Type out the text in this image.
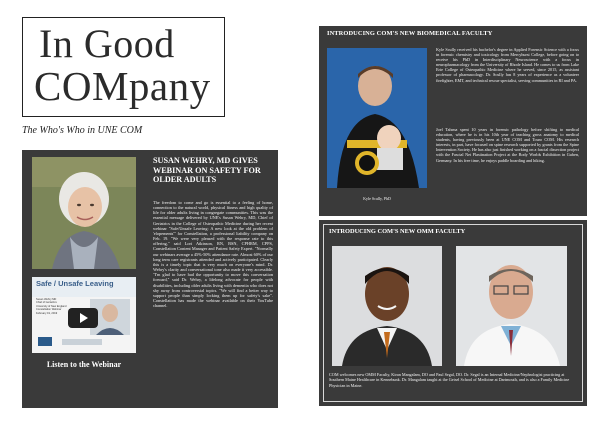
In Good
COMpany
The Who's Who in UNE COM
Safe / Unsafe Leaving
Susan Wehry MD
Chief of Geriatrics
University of New England
Constellation Webinar
February 19, 2019
Listen to the Webinar
SUSAN WEHRY, MD GIVES WEBINAR ON SAFETY FOR OLDER ADULTS
The freedom to come and go is essential to a feeling of home, connection to the natural world, physical fitness and high quality of life for older adults living in congregate communities. This was the essential message delivered by UNE's Susan Wehry, MD, Chief of Geriatrics in the College of Osteopathic Medicine during her recent webinar "Safe/Unsafe Leaving: A new look at the old problem of 'elopements'" for Constellation, a professional liability company on Feb. 19. "We were very pleased with the response rate to this offering," said Lori Atkinson, RN, BSN, CPHRM, CPPS, Constellation Content Manager and Patient Safety Expert. "Normally our webinars average a 45%-50% attendance rate. Almost 60% of our long term care registrants attended and actively participated. Clearly this is a timely topic that is very much on everyone's mind. Dr. Wehry's clarity and conversational tone also made it very accessible. "I'm glad to have had the opportunity to move this conversation forward," said Dr. Wehry, a lifelong advocate for people with disabilities, including older adults living with dementia who does not shy away from controversial topics. "We will find a better way to support people than simply locking them up for safety's sake". Constellation has made the webinar available on their YouTube channel.
INTRODUCING COM'S NEW BIOMEDICAL FACULTY
Kyle Scully, PhD
Kyle Scully received his bachelor's degree in Applied Forensic Science with a focus in forensic chemistry and toxicology from Mercyhurst College, before going on to receive his PhD in Interdisciplinary Neuroscience with a focus in neuropharmacology from the University of Rhode Island. He comes to us from Lake Erie College of Osteopathic Medicine where he served, since 2015, as assistant professor of pharmacology. Dr. Scully has 8 years of experience as a volunteer firefighter, EMT, and technical rescue specialist, serving communities in RI and PA.
Joel Talsma spent 10 years in forensic pathology before shifting to medical education, where he is in his 10th year of teaching gross anatomy to medical students, having previously been at UNE COM and Touro COM. His research interests, in part, have focused on spine research supported by grants from the Spine Intervention Society. He has also just finished working on a fascial dissection project with the Fascial Net Plastination Project at the Body Worlds Exhibition in Guben, Germany. In his free time, he enjoys paddle boarding and hiking.
INTRODUCING COM'S NEW OMM FACULTY
COM welcomes new OMM Faculty, Kiran Mangalam, DO and Paul Segal, DO. Dr. Segal is an Internal Medicine/Nephrologist practicing at Southern Maine Healthcare in Kennebunk. Dr. Mangalam taught at the Geisel School of Medicine at Dartmouth, and is also a Family Medicine Physician in Maine.
